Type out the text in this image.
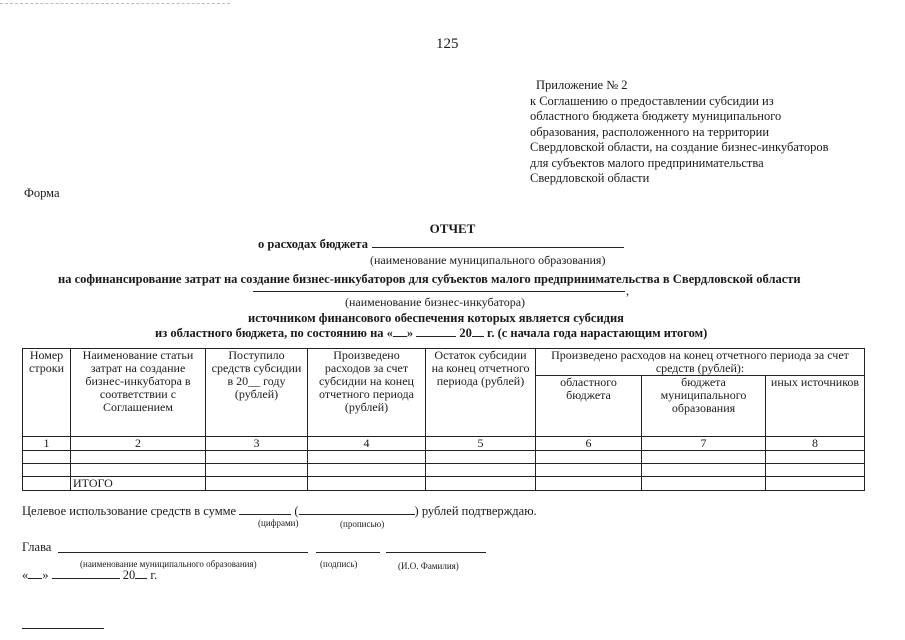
125
Приложение № 2
к Соглашению о предоставлении субсидии из
областного бюджета бюджету муниципального
образования, расположенного на территории
Свердловской области, на создание бизнес-инкубаторов
для субъектов малого предпринимательства
Свердловской области
Форма
ОТЧЕТ
о расходах бюджета
(наименование муниципального образования)
на софинансирование затрат на создание бизнес-инкубаторов для субъектов малого предпринимательства в Свердловской области
,
(наименование бизнес-инкубатора)
источником финансового обеспечения которых является субсидия
из областного бюджета, по состоянию на « »	20 г. (с начала года нарастающим итогом)
Номер строки	Наименование статьи затрат на создание бизнес-инкубатора в соответствии с Соглашением	Поступило средств субсидии в 20__ году (рублей)	Произведено расходов за счет субсидии на конец отчетного периода (рублей)	Остаток субсидии на конец отчетного периода (рублей)	Произведено расходов на конец отчетного периода за счет средств (рублей):		
					областного бюджета	бюджета муниципального образования	иных источников
1	2	3	4	5	6	7	8

	ИТОГО						
Целевое использование средств в сумме	(	) рублей подтверждаю.
(цифрами)	(прописью)
Глава
(наименование муниципального образования)	(подпись)	(И.О. Фамилия)
« »	20 г.
